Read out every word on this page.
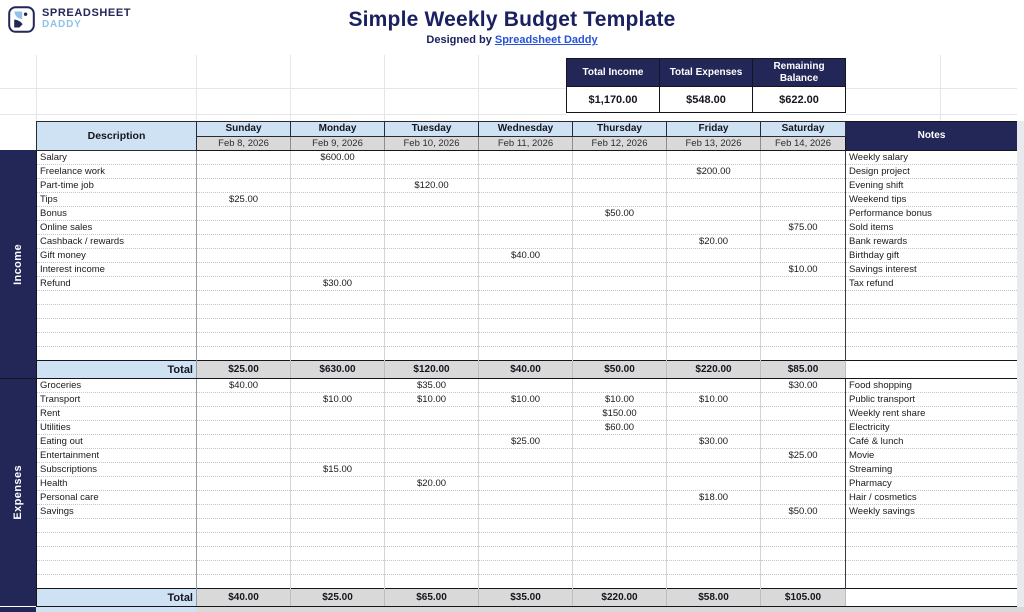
SPREADSHEET
DADDY	Simple Weekly Budget Template
Designed by Spreadsheet Daddy
Total Income	Total Expenses	Remaining Balance
$1,170.00	$548.00	$622.00
Description	Sunday	Monday	Tuesday	Wednesday	Thursday	Friday	Saturday	Notes
	Feb 8, 2026	Feb 9, 2026	Feb 10, 2026	Feb 11, 2026	Feb 12, 2026	Feb 13, 2026	Feb 14, 2026	
Salary		$600.00						Weekly salary
Freelance work						$200.00		Design project
Part-time job			$120.00					Evening shift
Tips	$25.00							Weekend tips
Bonus					$50.00			Performance bonus
Online sales							$75.00	Sold items
Cashback / rewards						$20.00		Bank rewards
Gift money				$40.00				Birthday gift
Interest income							$10.00	Savings interest
Refund		$30.00						Tax refund

Total	$25.00	$630.00	$120.00	$40.00	$50.00	$220.00	$85.00	
Groceries	$40.00		$35.00				$30.00	Food shopping
Transport		$10.00	$10.00	$10.00	$10.00	$10.00		Public transport
Rent					$150.00			Weekly rent share
Utilities					$60.00			Electricity
Eating out				$25.00		$30.00		Café & lunch
Entertainment							$25.00	Movie
Subscriptions		$15.00						Streaming
Health			$20.00					Pharmacy
Personal care						$18.00		Hair / cosmetics
Savings							$50.00	Weekly savings

Total	$40.00	$25.00	$65.00	$35.00	$220.00	$58.00	$105.00	
Income
Expenses
